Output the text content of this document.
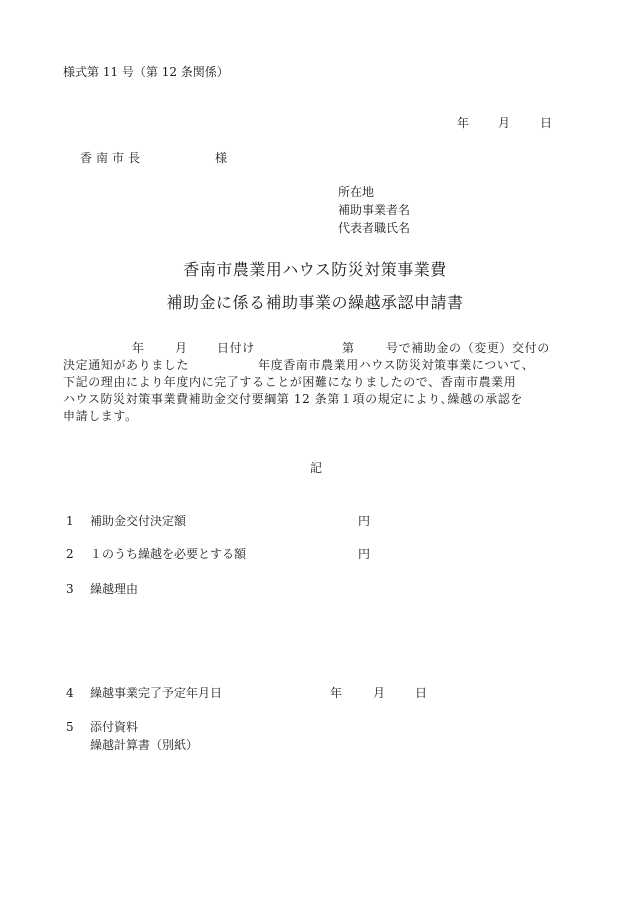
様式第 11 号（第 12 条関係）
年 月 日
香南市長	様
所在地
補助事業者名
代表者職氏名
香南市農業用ハウス防災対策事業費
補助金に係る補助事業の繰越承認申請書
年	月 日付け	第	号で補助金の（変更）交付の
決定通知がありました	年度香南市農業用ハウス防災対策事業について、
下記の理由により年度内に完了することが困難になりましたので、香南市農業用
ハウス防災対策事業費補助金交付要綱第 12 条第１項の規定により､繰越の承認を
申請します。
記
1 補助金交付決定額	円
2 １のうち繰越を必要とする額	円
3 繰越理由
4 繰越事業完了予定年月日	年	月 日
5 添付資料
繰越計算書（別紙）
